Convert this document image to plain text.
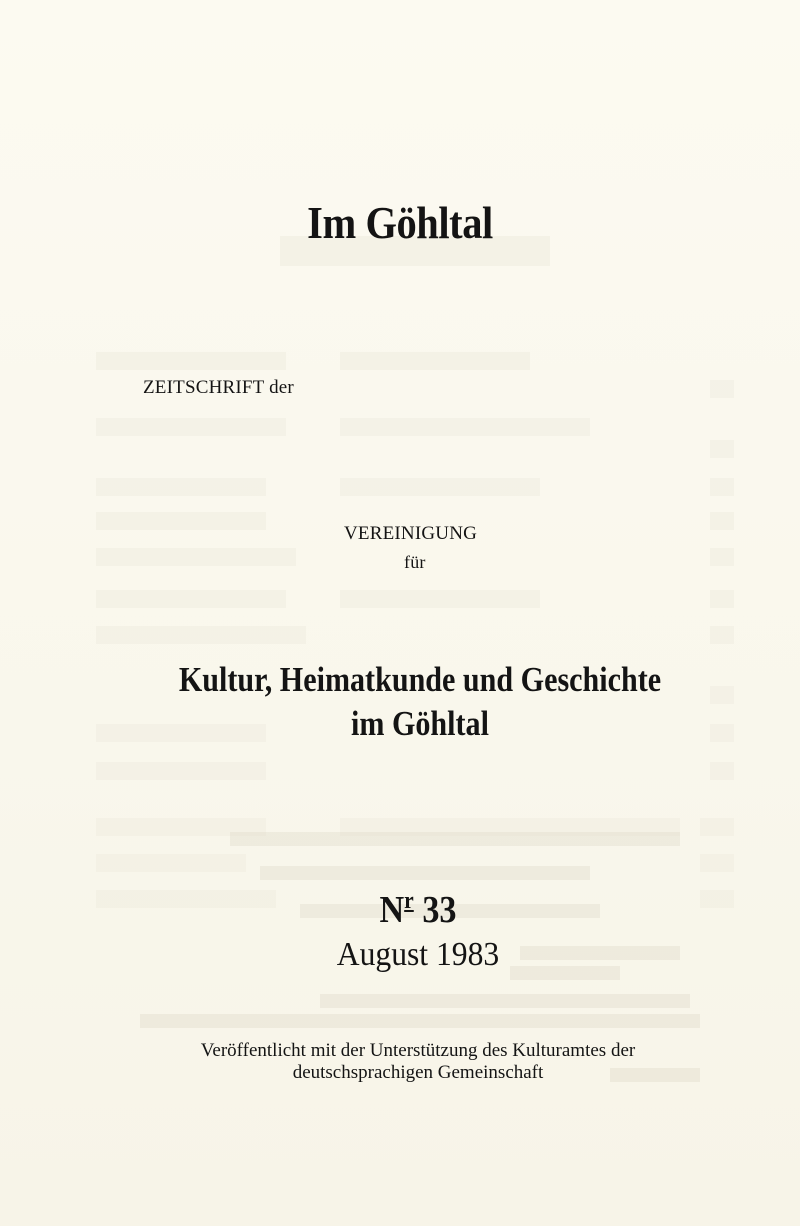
Im Göhltal
ZEITSCHRIFT der
VEREINIGUNG
für
Kultur, Heimatkunde und Geschichte
im Göhltal
$N^r$ 33
August 1983
Veröffentlicht mit der Unterstützung des Kulturamtes der
deutschsprachigen Gemeinschaft
